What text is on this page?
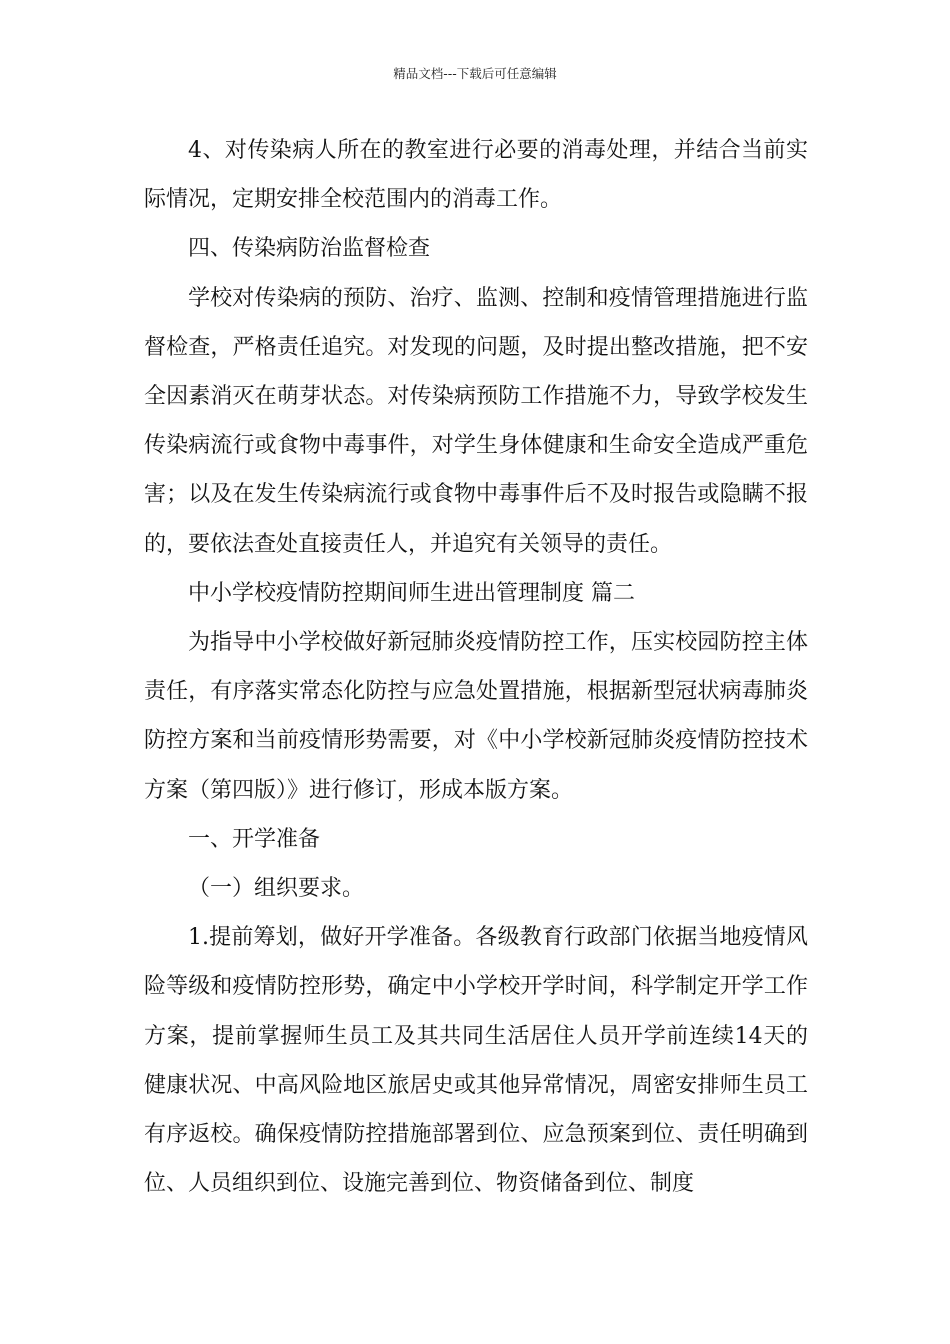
精品文档---下载后可任意编辑

4、对传染病人所在的教室进行必要的消毒处理，并结合当前实际情况，定期安排全校范围内的消毒工作。

四、传染病防治监督检查

学校对传染病的预防、治疗、监测、控制和疫情管理措施进行监督检查，严格责任追究。对发现的问题，及时提出整改措施，把不安全因素消灭在萌芽状态。对传染病预防工作措施不力，导致学校发生传染病流行或食物中毒事件，对学生身体健康和生命安全造成严重危害；以及在发生传染病流行或食物中毒事件后不及时报告或隐瞒不报的，要依法查处直接责任人，并追究有关领导的责任。

中小学校疫情防控期间师生进出管理制度 篇二

为指导中小学校做好新冠肺炎疫情防控工作，压实校园防控主体责任，有序落实常态化防控与应急处置措施，根据新型冠状病毒肺炎防控方案和当前疫情形势需要，对《中小学校新冠肺炎疫情防控技术方案（第四版）》进行修订，形成本版方案。

一、开学准备

（一）组织要求。

1.提前筹划，做好开学准备。各级教育行政部门依据当地疫情风险等级和疫情防控形势，确定中小学校开学时间，科学制定开学工作方案，提前掌握师生员工及其共同生活居住人员开学前连续14天的健康状况、中高风险地区旅居史或其他异常情况，周密安排师生员工有序返校。确保疫情防控措施部署到位、应急预案到位、责任明确到位、人员组织到位、设施完善到位、物资储备到位、制度
